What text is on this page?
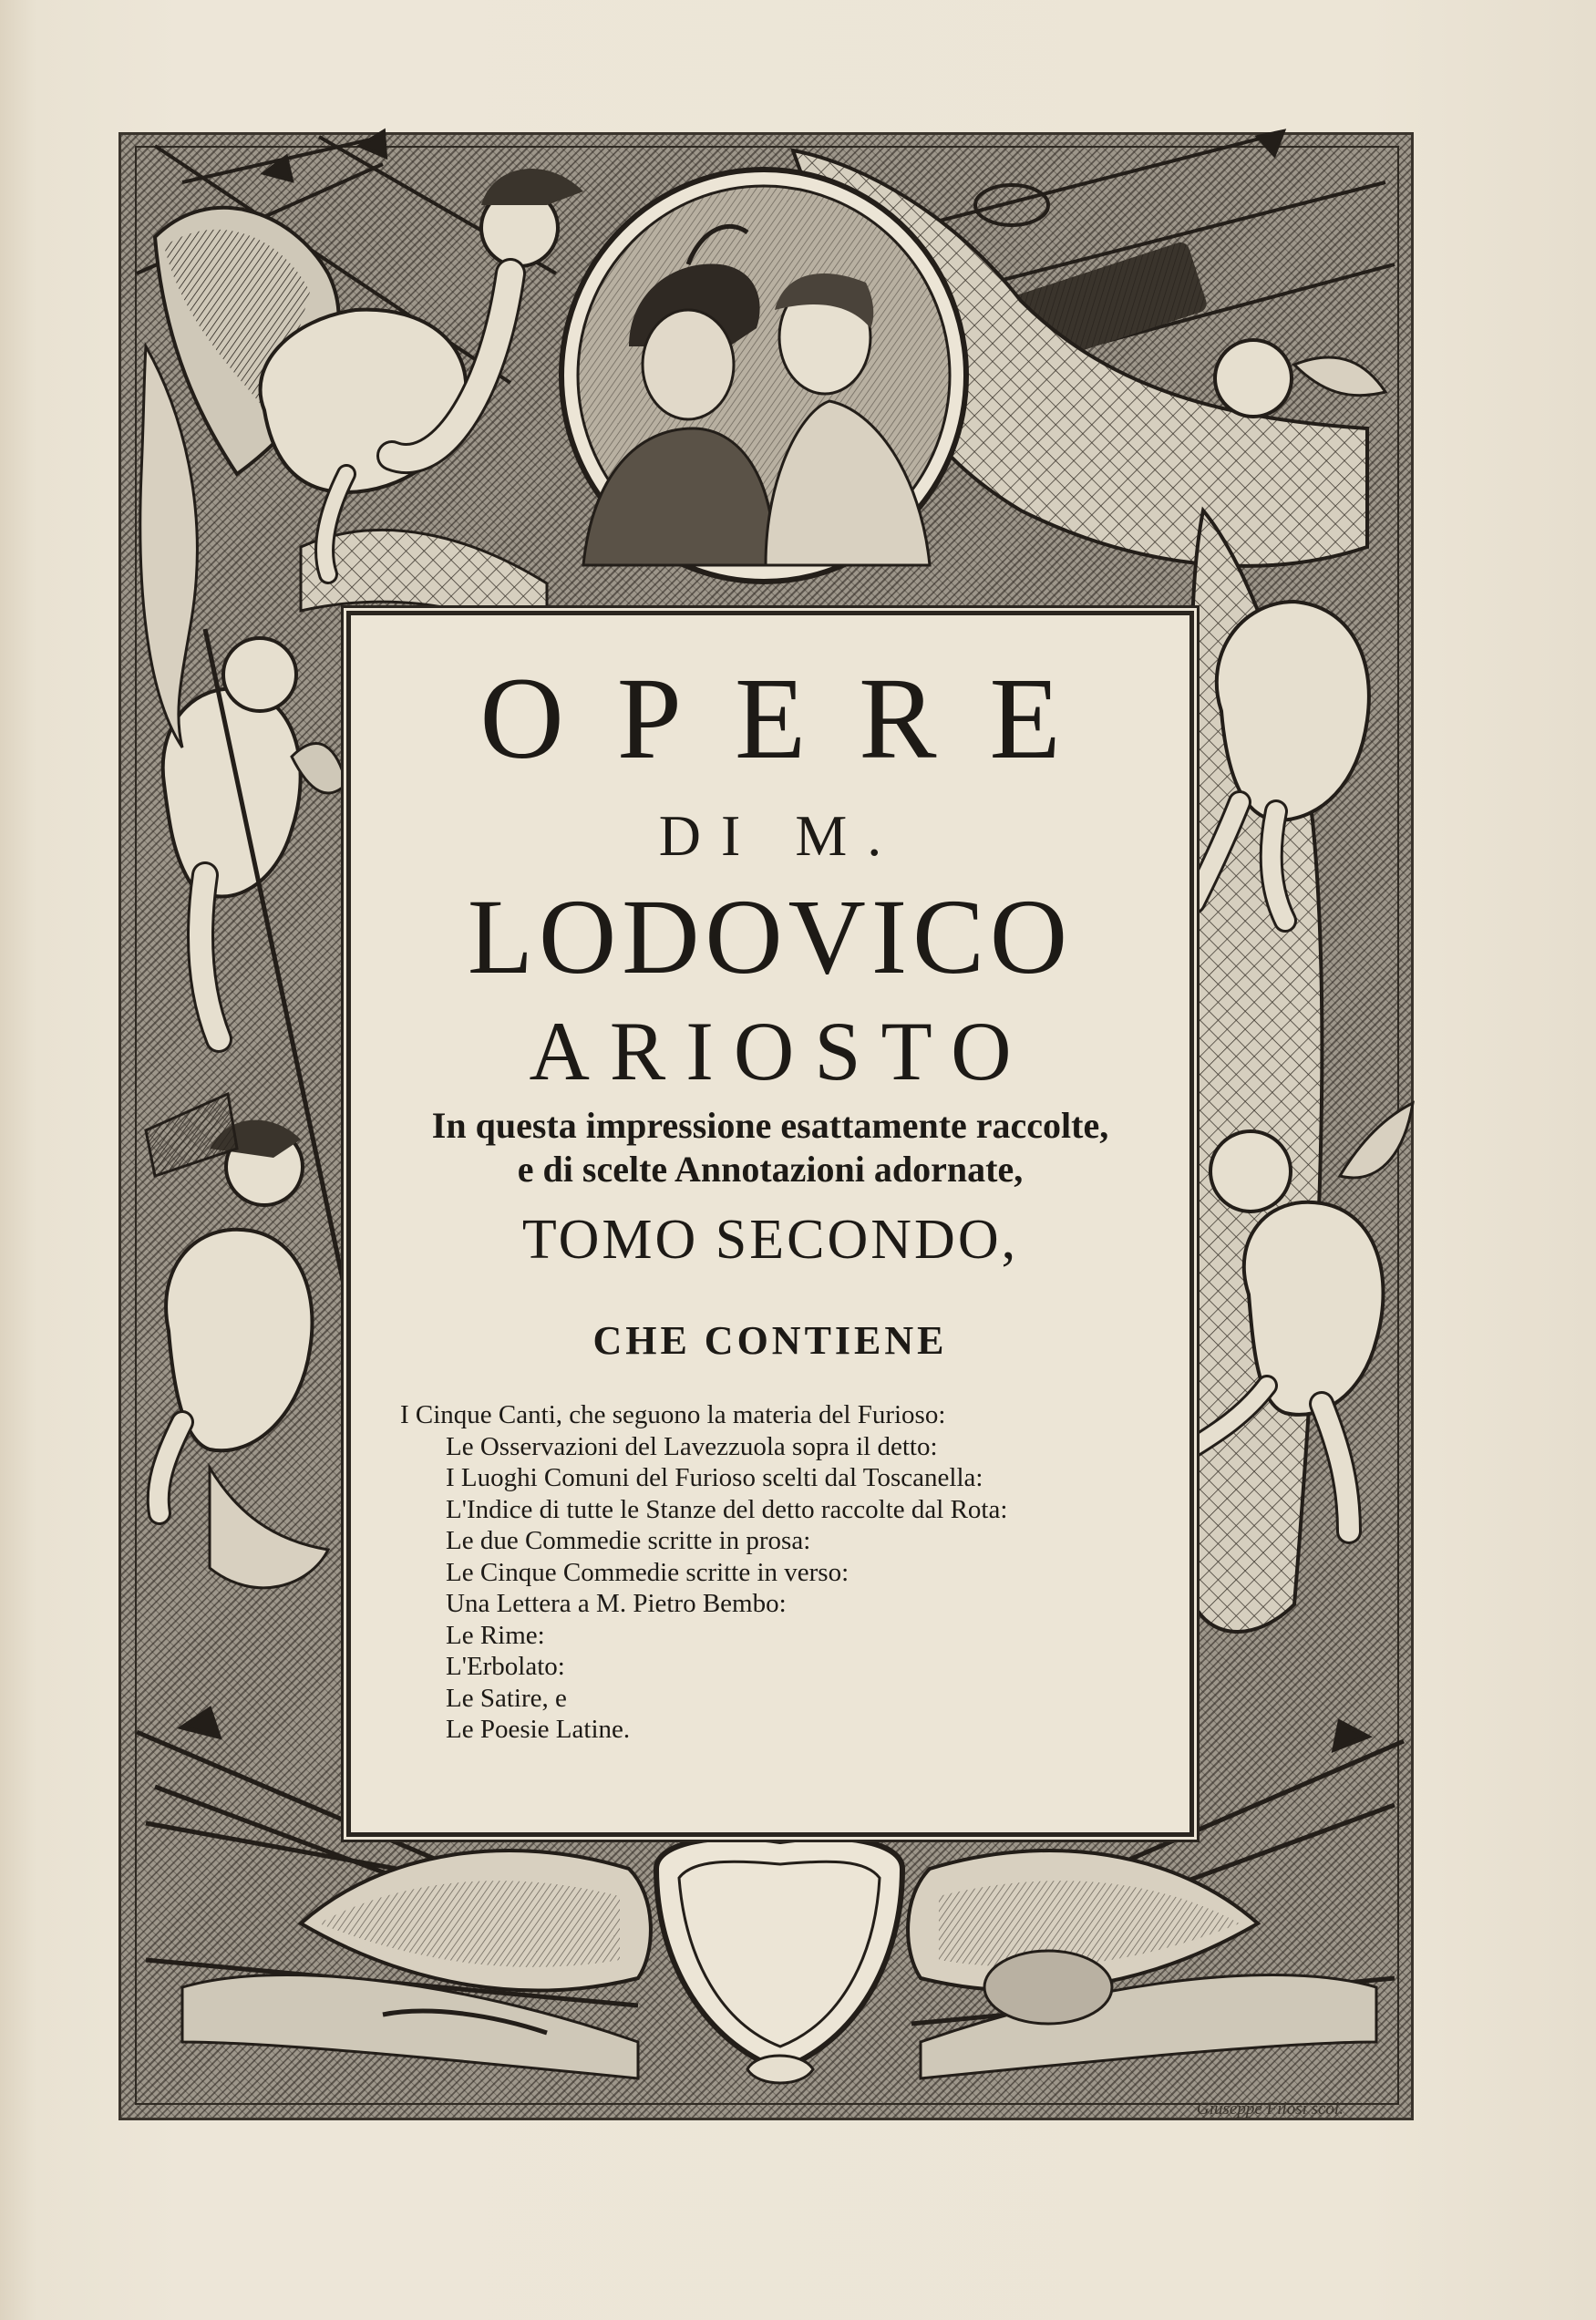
OPERE
DI M.
LODOVICO
ARIOSTO
In questa impressione esattamente raccolte,
e di scelte Annotazioni adornate,
TOMO SECONDO,
CHE CONTIENE
I Cinque Canti, che seguono la materia del Furioso:
Le Osservazioni del Lavezzuola sopra il detto:
I Luoghi Comuni del Furioso scelti dal Toscanella:
L'Indice di tutte le Stanze del detto raccolte dal Rota:
Le due Commedie scritte in prosa:
Le Cinque Commedie scritte in verso:
Una Lettera a M. Pietro Bembo:
Le Rime:
L'Erbolato:
Le Satire, e
Le Poesie Latine.
Giuseppe Filosi scol.
